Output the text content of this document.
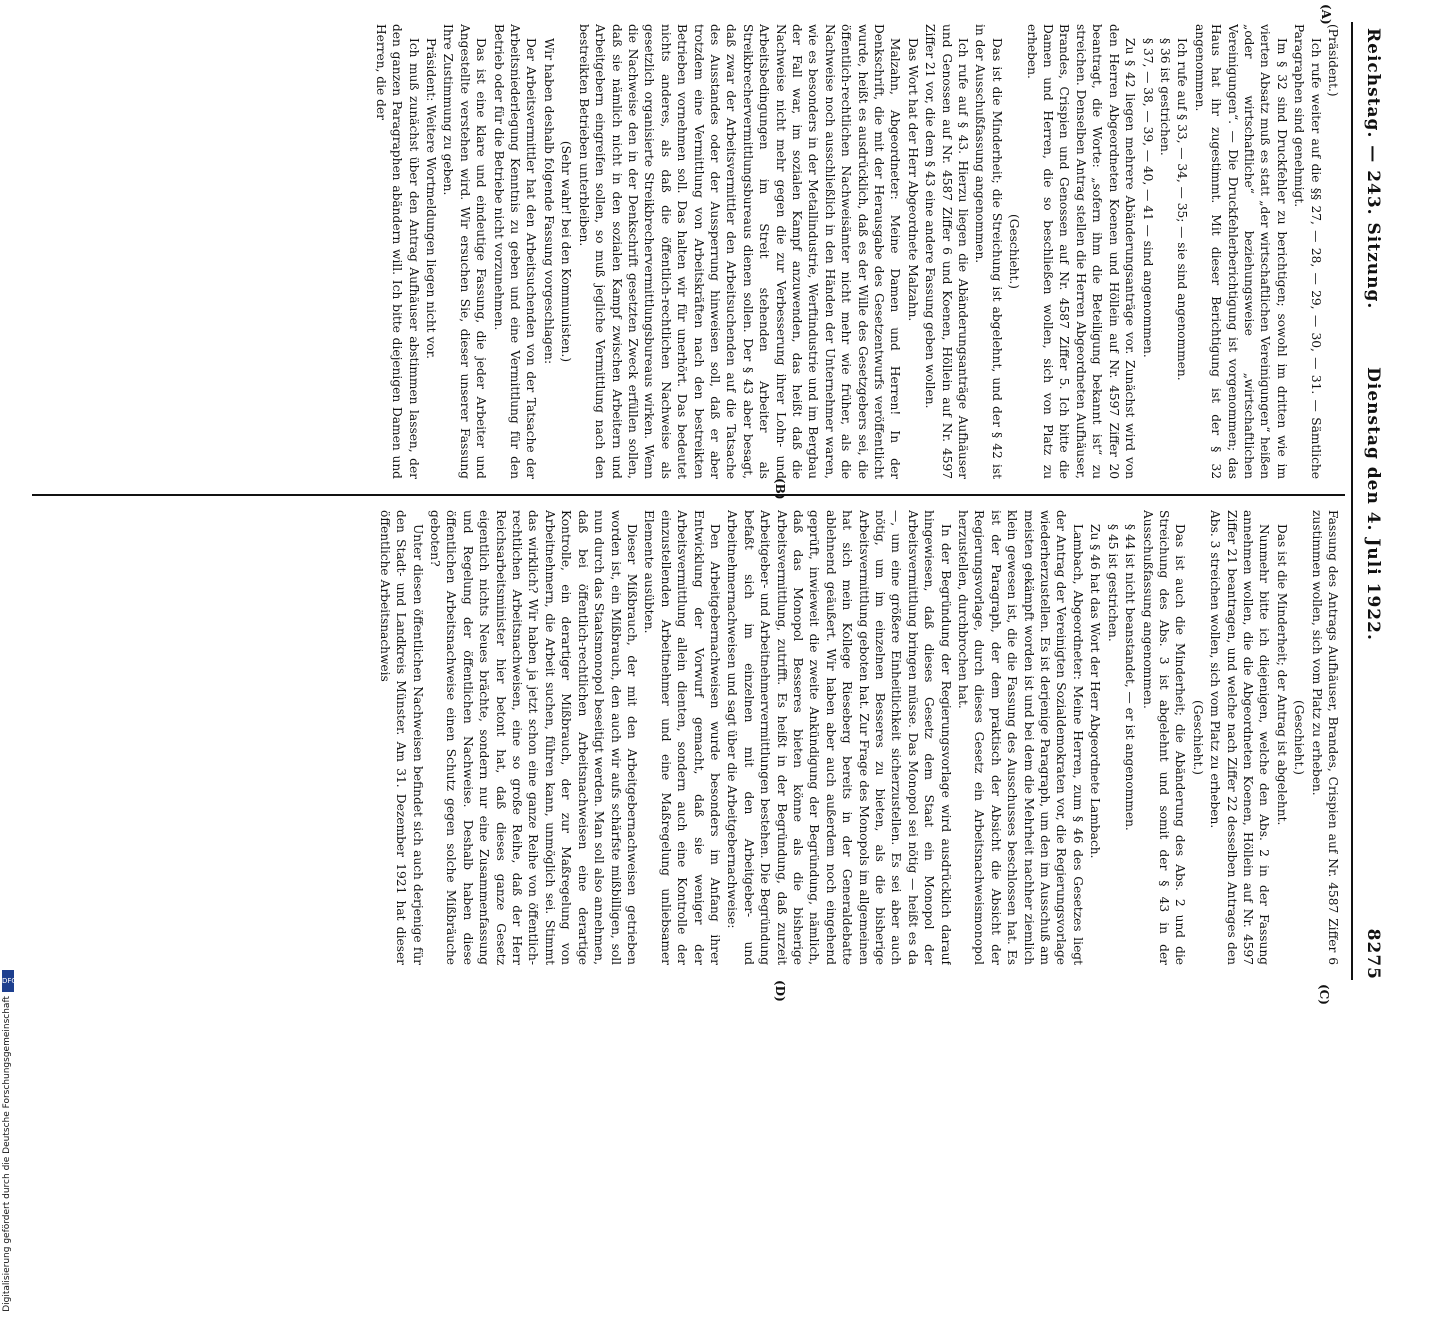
Reichstag. — 243. Sitzung.
Dienstag den 4. Juli 1922.
8275
(A)
(B)
(C)
(D)

(Präsident.)

Ich rufe weiter auf die §§ 27, — 28, — 29, — 30, — 31. — Sämtliche Paragraphen sind genehmigt.

Im § 32 sind Druckfehler zu berichtigen; sowohl im dritten wie im vierten Absatz muß es statt „der wirtschaftlichen Vereinigungen“ heißen „oder wirtschaftliche“ beziehungsweise „wirtschaftlichen Vereinigungen“. — Die Druckfehlerberichtigung ist vorgenommen; das Haus hat ihr zugestimmt. Mit dieser Berichtigung ist der § 32 angenommen.

Ich rufe auf § 33, — 34, — 35; — sie sind angenommen.

§ 36 ist gestrichen.

§ 37, — 38, — 39, — 40, — 41 — sind angenommen.

Zu § 42 liegen mehrere Abänderungsanträge vor. Zunächst wird von den Herren Abgeordneten Koenen und Höllein auf Nr. 4597 Ziffer 20 beantragt, die Worte: „sofern ihm die Beteiligung bekannt ist“ zu streichen. Denselben Antrag stellen die Herren Abgeordneten Aufhäuser, Brandes, Crispien und Genossen auf Nr. 4587 Ziffer 5. Ich bitte die Damen und Herren, die so beschließen wollen, sich von Platz zu erheben.

(Geschieht.)

Das ist die Minderheit; die Streichung ist abgelehnt, und der § 42 ist in der Ausschußfassung angenommen.

Ich rufe auf § 43. Hierzu liegen die Abänderungsanträge Aufhäuser und Genossen auf Nr. 4587 Ziffer 6 und Koenen, Höllein auf Nr. 4597 Ziffer 21 vor, die dem § 43 eine andere Fassung geben wollen.

Das Wort hat der Herr Abgeordnete Malzahn.

Malzahn, Abgeordneter: Meine Damen und Herren! In der Denkschrift, die mit der Herausgabe des Gesetzentwurfs veröffentlicht wurde, heißt es ausdrücklich, daß es der Wille des Gesetzgebers sei, die öffentlich-rechtlichen Nachweisämter nicht mehr wie früher, als die Nachweise noch ausschließlich in den Händen der Unternehmer waren, wie es besonders in der Metallindustrie, Werftindustrie und im Bergbau der Fall war, im sozialen Kampf anzuwenden, das heißt daß die Nachweise nicht mehr gegen die zur Verbesserung ihrer Lohn- und Arbeitsbedingungen im Streit stehenden Arbeiter als Streikbrechervermittlungsbureaus dienen sollen. Der § 43 aber besagt, daß zwar der Arbeitsvermittler den Arbeitsuchenden auf die Tatsache des Ausstandes oder der Aussperrung hinweisen soll, daß er aber trotzdem eine Vermittlung von Arbeitskräften nach den bestreikten Betrieben vornehmen soll. Das halten wir für unerhört. Das bedeutet nichts anderes, als daß die öffentlich-rechtlichen Nachweise als gesetzlich organisierte Streikbrechervermittlungsbureaus wirken. Wenn die Nachweise den in der Denkschrift gesetzten Zweck erfüllen sollen, daß sie nämlich nicht in den sozialen Kampf zwischen Arbeitern und Arbeitgebern eingreifen sollen, so muß jegliche Vermittlung nach den bestreikten Betrieben unterbleiben.

(Sehr wahr! bei den Kommunisten.)

Wir haben deshalb folgende Fassung vorgeschlagen:

Der Arbeitsvermittler hat den Arbeitsuchenden von der Tatsache der Arbeitsniederlegung Kenntnis zu geben und eine Vermittlung für den Betrieb oder für die Betriebe nicht vorzunehmen.

Das ist eine klare und eindeutige Fassung, die jeder Arbeiter und Angestellte verstehen wird. Wir ersuchen Sie, dieser unserer Fassung Ihre Zustimmung zu geben.

Präsident: Weitere Wortmeldungen liegen nicht vor.

Ich muß zunächst über den Antrag Aufhäuser abstimmen lassen, der den ganzen Paragraphen abändern will. Ich bitte diejenigen Damen und Herren, die der

Fassung des Antrags Aufhäuser, Brandes, Crispien auf Nr. 4587 Ziffer 6 zustimmen wollen, sich vom Platz zu erheben.

(Geschieht.)

Das ist die Minderheit; der Antrag ist abgelehnt.

Nunmehr bitte ich diejenigen, welche den Abs. 2 in der Fassung annehmen wollen, die die Abgeordneten Koenen, Höllein auf Nr. 4597 Ziffer 21 beantragen, und welche nach Ziffer 22 desselben Antrages den Abs. 3 streichen wollen, sich vom Platz zu erheben.

(Geschieht.)

Das ist auch die Minderheit; die Abänderung des Abs. 2 und die Streichung des Abs. 3 ist abgelehnt und somit der § 43 in der Ausschußfassung angenommen.

§ 44 ist nicht beanstandet, — er ist angenommen.

§ 45 ist gestrichen.

Zu § 46 hat das Wort der Herr Abgeordnete Lambach.

Lambach, Abgeordneter: Meine Herren, zum § 46 des Gesetzes liegt der Antrag der Vereinigten Sozialdemokraten vor, die Regierungsvorlage wiederherzustellen. Es ist derjenige Paragraph, um den im Ausschuß am meisten gekämpft worden ist und bei dem die Mehrheit nachher ziemlich klein gewesen ist, die die Fassung des Ausschusses beschlossen hat. Es ist der Paragraph, der dem praktisch der Absicht die Absicht der Regierungsvorlage, durch dieses Gesetz ein Arbeitsnachweismonopol herzustellen, durchbrochen hat.

In der Begründung der Regierungsvorlage wird ausdrücklich darauf hingewiesen, daß dieses Gesetz dem Staat ein Monopol der Arbeitsvermittlung bringen müsse. Das Monopol sei nötig — heißt es da —, um eine größere Einheitlichkeit sicherzustellen. Es sei aber auch nötig, um im einzelnen Besseres zu bieten, als die bisherige Arbeitsvermittlung geboten hat. Zur Frage des Monopols im allgemeinen hat sich mein Kollege Rieseberg bereits in der Generaldebatte ablehnend geäußert. Wir haben aber auch außerdem noch eingehend geprüft, inwieweit die zweite Ankündigung der Begründung, nämlich, daß das Monopol Besseres bieten könne als die bisherige Arbeitsvermittlung, zutrifft. Es heißt in der Begründung, daß zurzeit Arbeitgeber- und Arbeitnehmervermittlungen bestehen. Die Begründung befaßt sich im einzelnen mit den Arbeitgeber- und Arbeitnehmernachweisen und sagt über die Arbeitgebernachweise:

Den Arbeitgebernachweisen wurde besonders im Anfang ihrer Entwicklung der Vorwurf gemacht, daß sie weniger der Arbeitsvermittlung allein dienten, sondern auch eine Kontrolle der einzustellenden Arbeitnehmer und eine Maßregelung unliebsamer Elemente ausübten.

Dieser Mißbrauch, der mit den Arbeitgebernachweisen getrieben worden ist, ein Mißbrauch, den auch wir aufs schärfste mißbilligen, soll nun durch das Staatsmonopol beseitigt werden. Man soll also annehmen, daß bei öffentlich-rechtlichen Arbeitsnachweisen eine derartige Kontrolle, ein derartiger Mißbrauch, der zur Maßregelung von Arbeitnehmern, die Arbeit suchen, führen kann, unmöglich sei. Stimmt das wirklich? Wir haben ja jetzt schon eine ganze Reihe von öffentlich-rechtlichen Arbeitsnachweisen, eine so große Reihe, daß der Herr Reichsarbeitsminister hier betont hat, daß dieses ganze Gesetz eigentlich nichts Neues brächte, sondern nur eine Zusammenfassung und Regelung der öffentlichen Nachweise. Deshalb haben diese öffentlichen Arbeitsnachweise einen Schutz gegen solche Mißbräuche geboten?

Unter diesen öffentlichen Nachweisen befindet sich auch derjenige für den Stadt- und Landkreis Münster. Am 31. Dezember 1921 hat dieser öffentliche Arbeitsnachweis

DFG
Digitalisierung gefördert durch die Deutsche Forschungsgemeinschaft
